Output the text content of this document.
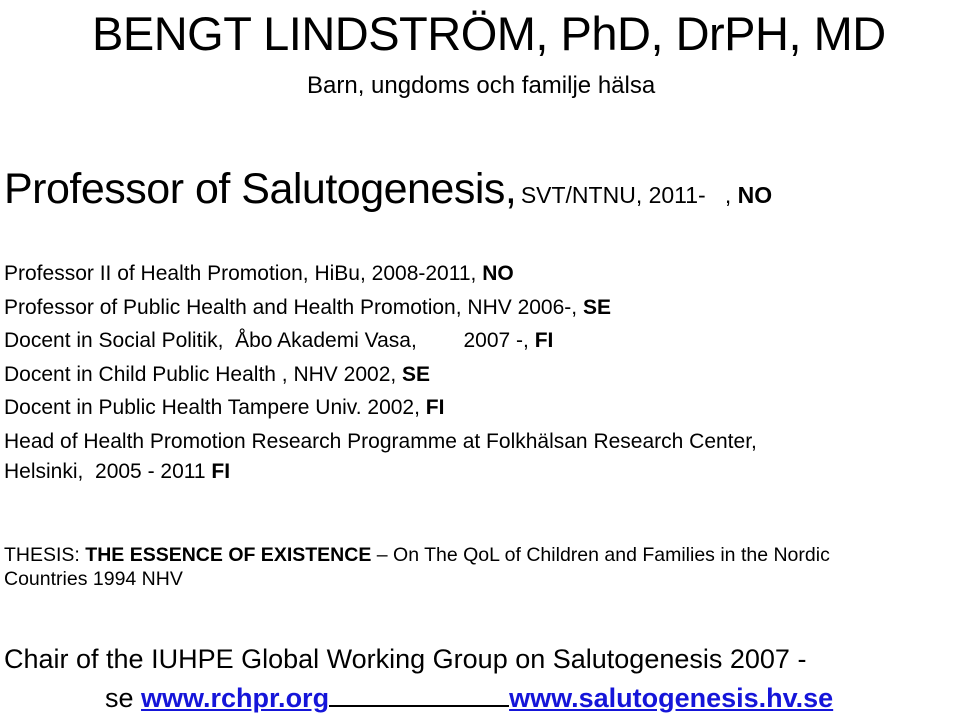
BENGT LINDSTRÖM, PhD, DrPH, MD
Barn, ungdoms och familje hälsa
Professor of Salutogenesis, SVT/NTNU, 2011-   , NO
Professor II of Health Promotion, HiBu, 2008-2011, NO
Professor of Public Health and Health Promotion, NHV 2006-, SE
Docent in Social Politik,  Åbo Akademi Vasa,        2007 -, FI
Docent in Child Public Health , NHV 2002, SE
Docent in Public Health Tampere Univ. 2002, FI
Head of Health Promotion Research Programme at Folkhälsan Research Center,
Helsinki,  2005 - 2011 FI
THESIS: THE ESSENCE OF EXISTENCE – On The QoL of Children and Families in the Nordic
Countries 1994 NHV
Chair of the IUHPE Global Working Group on Salutogenesis 2007 -
se www.rchpr.org	www.salutogenesis.hv.se
